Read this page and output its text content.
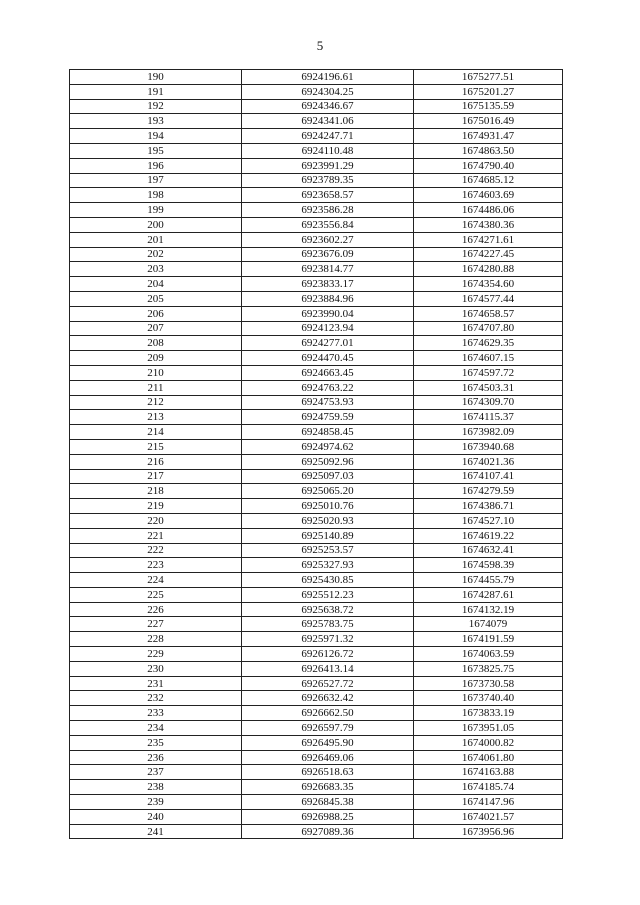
5
190	6924196.61	1675277.51
191	6924304.25	1675201.27
192	6924346.67	1675135.59
193	6924341.06	1675016.49
194	6924247.71	1674931.47
195	6924110.48	1674863.50
196	6923991.29	1674790.40
197	6923789.35	1674685.12
198	6923658.57	1674603.69
199	6923586.28	1674486.06
200	6923556.84	1674380.36
201	6923602.27	1674271.61
202	6923676.09	1674227.45
203	6923814.77	1674280.88
204	6923833.17	1674354.60
205	6923884.96	1674577.44
206	6923990.04	1674658.57
207	6924123.94	1674707.80
208	6924277.01	1674629.35
209	6924470.45	1674607.15
210	6924663.45	1674597.72
211	6924763.22	1674503.31
212	6924753.93	1674309.70
213	6924759.59	1674115.37
214	6924858.45	1673982.09
215	6924974.62	1673940.68
216	6925092.96	1674021.36
217	6925097.03	1674107.41
218	6925065.20	1674279.59
219	6925010.76	1674386.71
220	6925020.93	1674527.10
221	6925140.89	1674619.22
222	6925253.57	1674632.41
223	6925327.93	1674598.39
224	6925430.85	1674455.79
225	6925512.23	1674287.61
226	6925638.72	1674132.19
227	6925783.75	1674079
228	6925971.32	1674191.59
229	6926126.72	1674063.59
230	6926413.14	1673825.75
231	6926527.72	1673730.58
232	6926632.42	1673740.40
233	6926662.50	1673833.19
234	6926597.79	1673951.05
235	6926495.90	1674000.82
236	6926469.06	1674061.80
237	6926518.63	1674163.88
238	6926683.35	1674185.74
239	6926845.38	1674147.96
240	6926988.25	1674021.57
241	6927089.36	1673956.96
